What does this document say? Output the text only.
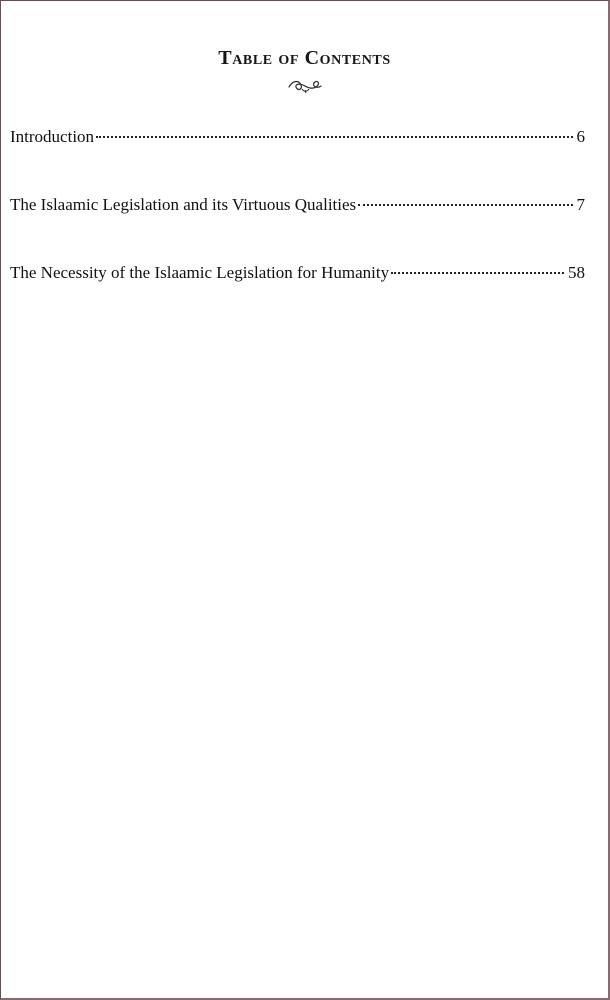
Table of Contents
Introduction	6
The Islaamic Legislation and its Virtuous Qualities	7
The Necessity of the Islaamic Legislation for Humanity	58
